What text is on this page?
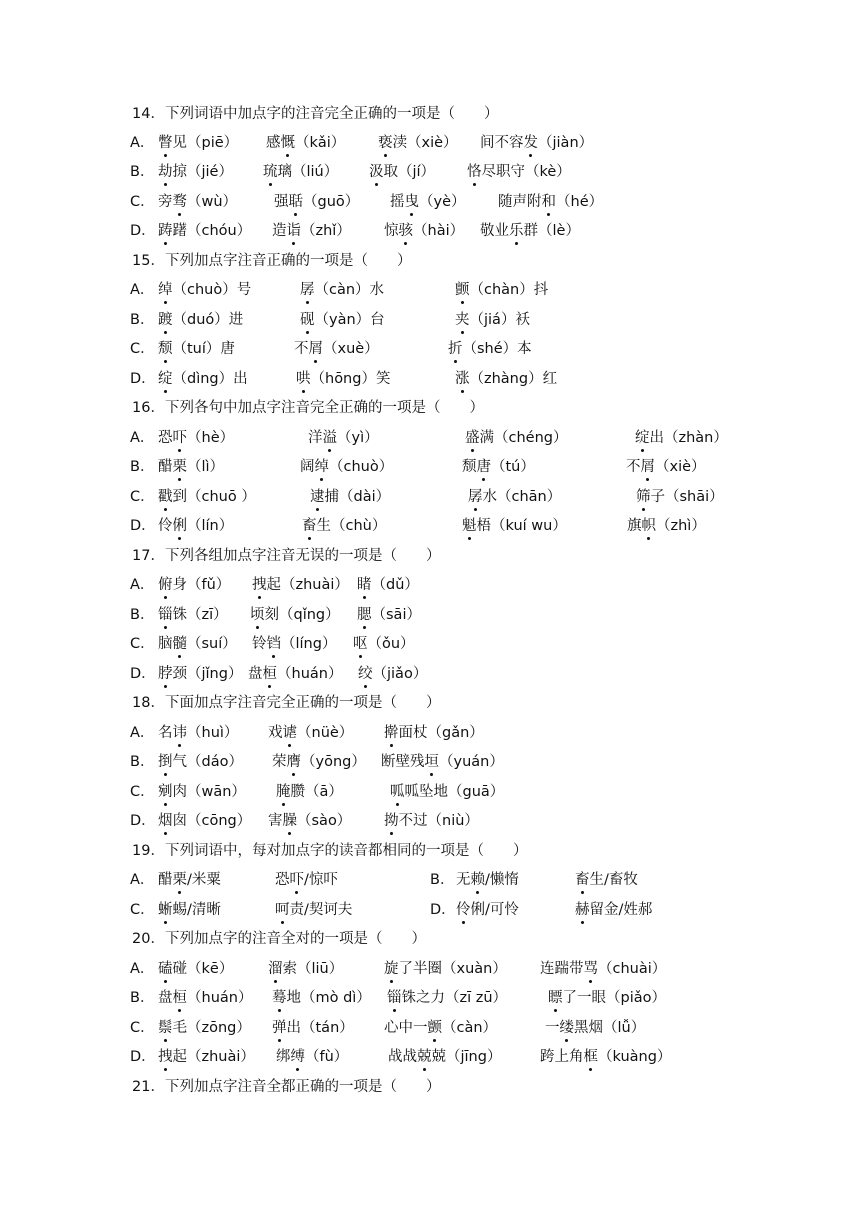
14．下列词语中加点字的注音完全正确的一项是（　　）
A． 瞥见（piē） 感慨（kǎi） 亵渎（xiè） 间不容发（jiàn）
B． 劫掠（jié） 琉璃（liú） 汲取（jí） 恪尽职守（kè）
C． 旁骛（wù）	强聒（guō） 摇曳（yè） 随声附和（hé）
D． 踌躇（chóu） 造诣（zhǐ） 惊骇（hài） 敬业乐群（lè）
15．下列加点字注音正确的一项是（　　）
A． 绰（chuò）号	孱（càn）水	颤（chàn）抖
B． 踱（duó）进	砚（yàn）台	夹（jiá）袄
C． 颓（tuí）唐	不屑（xuè）	折（shé）本
D． 绽（dìng）出	哄（hōng）笑	涨（zhàng）红
16．下列各句中加点字注音完全正确的一项是（　　）
A． 恐吓（hè）	洋溢（yì）	盛满（chéng）	绽出（zhàn）
B． 醋栗（lì）	阔绰（chuò）	颓唐（tú）	不屑（xiè）
C． 戳到（chuō ）	逮捕（dài）	孱水（chān）	筛子（shāi）
D． 伶俐（lín）	畜生（chù）	魁梧（kuí wu）	旗帜（zhì）
17．下列各组加点字注音无误的一项是（　　）
A． 俯身（fǔ） 拽起（zhuài） 睹（dǔ）
B． 锱铢（zī） 顷刻（qǐng） 腮（sāi）
C． 脑髓（suí） 铃铛（líng） 呕（ǒu）
D． 脖颈（jǐng） 盘桓（huán） 绞（jiǎo）
18．下面加点字注音完全正确的一项是（　　）
A． 名讳（huì） 戏谑（nüè） 擀面杖（gǎn）
B． 捯气（dáo） 荣膺（yōng） 断壁残垣（yuán）
C． 剜肉（wān） 腌臜（ā）	呱呱坠地（guā）
D． 烟囱（cōng） 害臊（sào） 拗不过（niù）
19．下列词语中，每对加点字的读音都相同的一项是（　　）
A． 醋栗/米粟	恐吓/惊吓	B． 无赖/懒惰	畜生/畜牧
C． 蜥蜴/清晰	呵责/契诃夫	D． 伶俐/可怜	赫留金/姓郝
20．下列加点字的注音全对的一项是（　　）
A． 磕碰（kē） 溜索（liū）	旋了半圈（xuàn） 连踹带骂（chuài）
B． 盘桓（huán） 蓦地（mò dì） 锱铢之力（zī zū）	瞟了一眼（piǎo）
C． 鬃毛（zōng） 弹出（tán） 心中一颤（càn）	一缕黑烟（lǚ）
D． 拽起（zhuài） 绑缚（fù）	战战兢兢（jīng）	跨上角框（kuàng）
21．下列加点字注音全都正确的一项是（　　）
